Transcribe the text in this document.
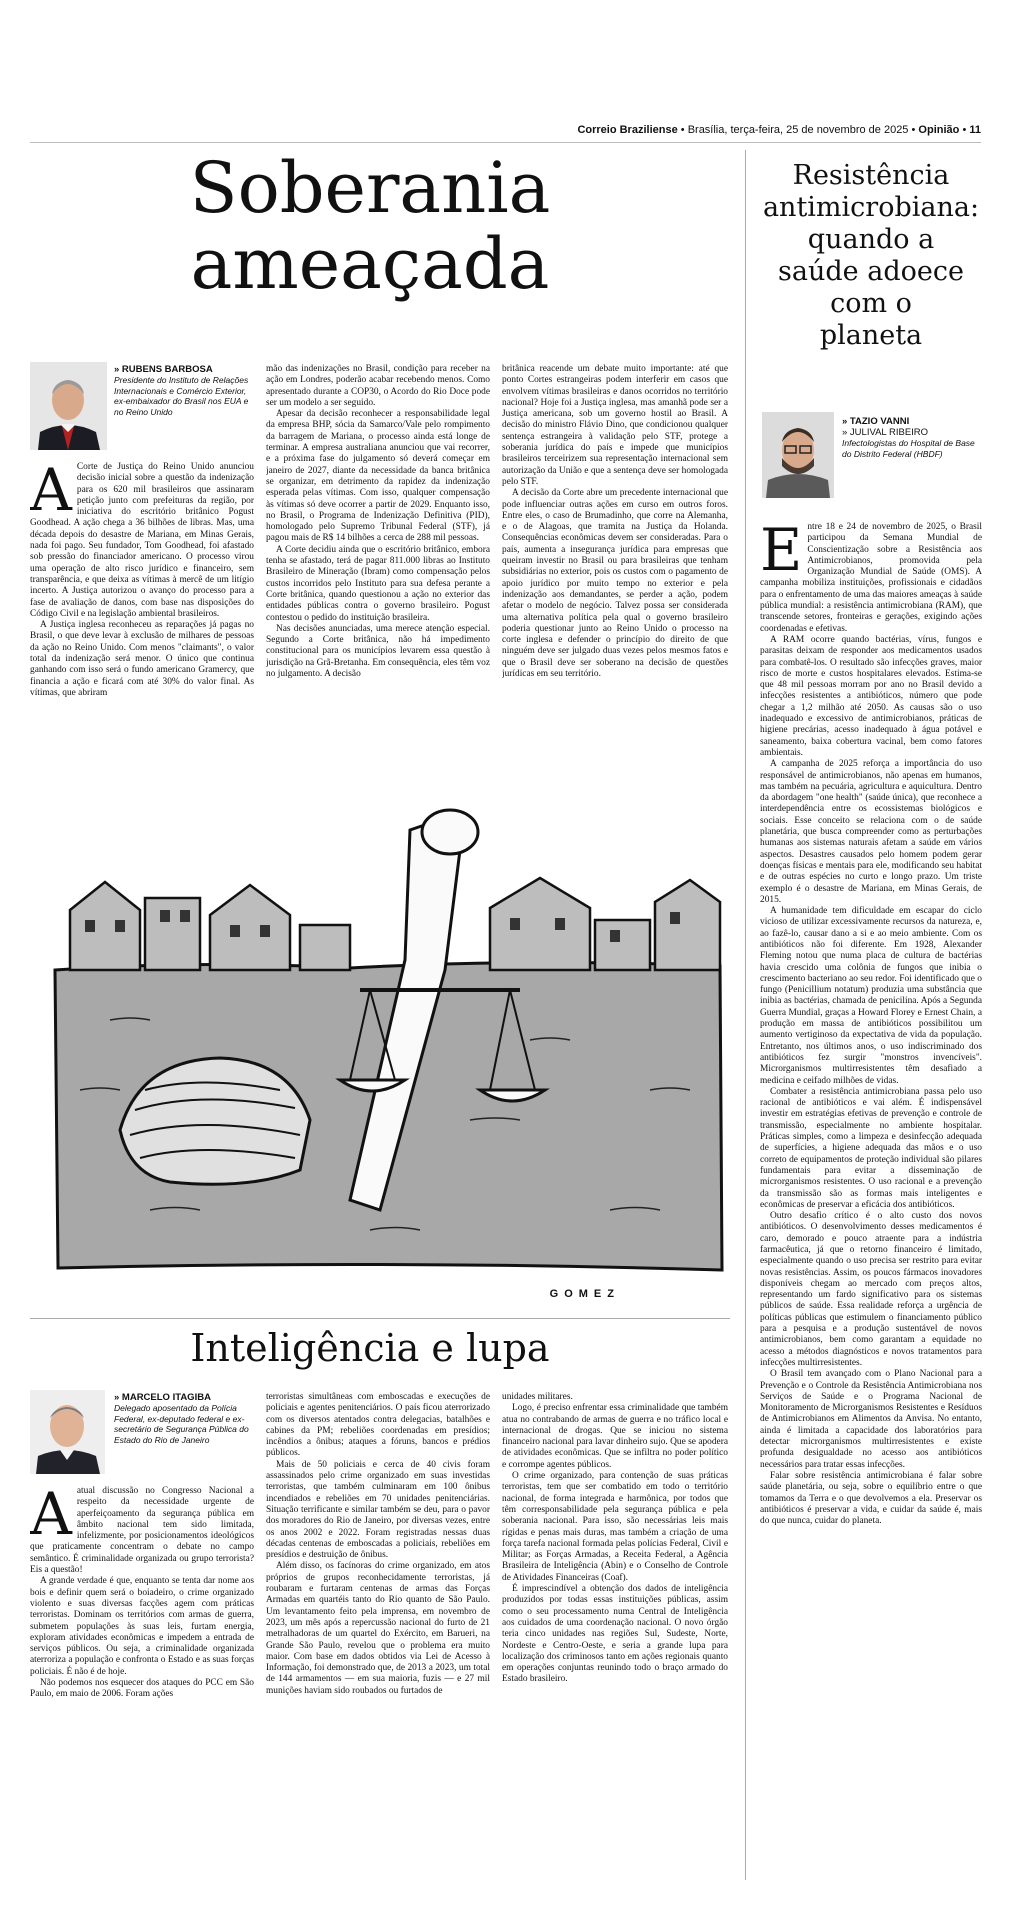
Correio Braziliense • Brasília, terça-feira, 25 de novembro de 2025 • Opinião • 11
Soberania
ameaçada
» RUBENS BARBOSA
Presidente do Instituto de Relações Internacionais e Comércio Exterior, ex-embaixador do Brasil nos EUA e no Reino Unido
A Corte de Justiça do Reino Unido anunciou decisão inicial sobre a questão da indenização para os 620 mil brasileiros que assinaram petição junto com prefeituras da região, por iniciativa do escritório britânico Pogust Goodhead. A ação chega a 36 bilhões de libras. Mas, uma década depois do desastre de Mariana, em Minas Gerais, nada foi pago. Seu fundador, Tom Goodhead, foi afastado sob pressão do financiador americano. O processo virou uma operação de alto risco jurídico e financeiro, sem transparência, e que deixa as vítimas à mercê de um litígio incerto. A Justiça autorizou o avanço do processo para a fase de avaliação de danos, com base nas disposições do Código Civil e na legislação ambiental brasileiros.

A Justiça inglesa reconheceu as reparações já pagas no Brasil, o que deve levar à exclusão de milhares de pessoas da ação no Reino Unido. Com menos "claimants", o valor total da indenização será menor. O único que continua ganhando com isso será o fundo americano Gramercy, que financia a ação e ficará com até 30% do valor final. As vítimas, que abriram

mão das indenizações no Brasil, condição para receber na ação em Londres, poderão acabar recebendo menos. Como apresentado durante a COP30, o Acordo do Rio Doce pode ser um modelo a ser seguido.

Apesar da decisão reconhecer a responsabilidade legal da empresa BHP, sócia da Samarco/Vale pelo rompimento da barragem de Mariana, o processo ainda está longe de terminar. A empresa australiana anunciou que vai recorrer, e a próxima fase do julgamento só deverá começar em janeiro de 2027, diante da necessidade da banca britânica se organizar, em detrimento da rapidez da indenização esperada pelas vítimas. Com isso, qualquer compensação às vítimas só deve ocorrer a partir de 2029. Enquanto isso, no Brasil, o Programa de Indenização Definitiva (PID), homologado pelo Supremo Tribunal Federal (STF), já pagou mais de R$ 14 bilhões a cerca de 288 mil pessoas.

A Corte decidiu ainda que o escritório britânico, embora tenha se afastado, terá de pagar 811.000 libras ao Instituto Brasileiro de Mineração (Ibram) como compensação pelos custos incorridos pelo Instituto para sua defesa perante a Corte britânica, quando questionou a ação no exterior das entidades públicas contra o governo brasileiro. Pogust contestou o pedido do instituição brasileira.

Nas decisões anunciadas, uma merece atenção especial. Segundo a Corte britânica, não há impedimento constitucional para os municípios levarem essa questão à jurisdição na Grã-Bretanha. Em consequência, eles têm voz no julgamento. A decisão

britânica reacende um debate muito importante: até que ponto Cortes estrangeiras podem interferir em casos que envolvem vítimas brasileiras e danos ocorridos no território nacional? Hoje foi a Justiça inglesa, mas amanhã pode ser a Justiça americana, sob um governo hostil ao Brasil. A decisão do ministro Flávio Dino, que condicionou qualquer sentença estrangeira à validação pelo STF, protege a soberania jurídica do país e impede que municípios brasileiros terceirizem sua representação internacional sem autorização da União e que a sentença deve ser homologada pelo STF.

A decisão da Corte abre um precedente internacional que pode influenciar outras ações em curso em outros foros. Entre eles, o caso de Brumadinho, que corre na Alemanha, e o de Alagoas, que tramita na Justiça da Holanda. Consequências econômicas devem ser consideradas. Para o país, aumenta a insegurança jurídica para empresas que queiram investir no Brasil ou para brasileiras que tenham subsidiárias no exterior, pois os custos com o pagamento de apoio jurídico por muito tempo no exterior e pela indenização aos demandantes, se perder a ação, podem afetar o modelo de negócio. Talvez possa ser considerada uma alternativa política pela qual o governo brasileiro poderia questionar junto ao Reino Unido o processo na corte inglesa e defender o princípio do direito de que ninguém deve ser julgado duas vezes pelos mesmos fatos e que o Brasil deve ser soberano na decisão de questões jurídicas em seu território.

GOMEZ
Inteligência e lupa
» MARCELO ITAGIBA
Delegado aposentado da Polícia Federal, ex-deputado federal e ex-secretário de Segurança Pública do Estado do Rio de Janeiro
A atual discussão no Congresso Nacional a respeito da necessidade urgente de aperfeiçoamento da segurança pública em âmbito nacional tem sido limitada, infelizmente, por posicionamentos ideológicos que praticamente concentram o debate no campo semântico. É criminalidade organizada ou grupo terrorista? Eis a questão!

A grande verdade é que, enquanto se tenta dar nome aos bois e definir quem será o boiadeiro, o crime organizado violento e suas diversas facções agem com práticas terroristas. Dominam os territórios com armas de guerra, submetem populações às suas leis, furtam energia, exploram atividades econômicas e impedem a entrada de serviços públicos. Ou seja, a criminalidade organizada aterroriza a população e confronta o Estado e as suas forças policiais. É não é de hoje.

Não podemos nos esquecer dos ataques do PCC em São Paulo, em maio de 2006. Foram ações

terroristas simultâneas com emboscadas e execuções de policiais e agentes penitenciários. O país ficou aterrorizado com os diversos atentados contra delegacias, batalhões e cabines da PM; rebeliões coordenadas em presídios; incêndios a ônibus; ataques a fóruns, bancos e prédios públicos.

Mais de 50 policiais e cerca de 40 civis foram assassinados pelo crime organizado em suas investidas terroristas, que também culminaram em 100 ônibus incendiados e rebeliões em 70 unidades penitenciárias. Situação terrificante e similar também se deu, para o pavor dos moradores do Rio de Janeiro, por diversas vezes, entre os anos 2002 e 2022. Foram registradas nessas duas décadas centenas de emboscadas a policiais, rebeliões em presídios e destruição de ônibus.

Além disso, os facínoras do crime organizado, em atos próprios de grupos reconhecidamente terroristas, já roubaram e furtaram centenas de armas das Forças Armadas em quartéis tanto do Rio quanto de São Paulo. Um levantamento feito pela imprensa, em novembro de 2023, um mês após a repercussão nacional do furto de 21 metralhadoras de um quartel do Exército, em Barueri, na Grande São Paulo, revelou que o problema era muito maior. Com base em dados obtidos via Lei de Acesso à Informação, foi demonstrado que, de 2013 a 2023, um total de 144 armamentos — em sua maioria, fuzis — e 27 mil munições haviam sido roubados ou furtados de

unidades militares.

Logo, é preciso enfrentar essa criminalidade que também atua no contrabando de armas de guerra e no tráfico local e internacional de drogas. Que se iniciou no sistema financeiro nacional para lavar dinheiro sujo. Que se apodera de atividades econômicas. Que se infiltra no poder político e corrompe agentes públicos.

O crime organizado, para contenção de suas práticas terroristas, tem que ser combatido em todo o território nacional, de forma integrada e harmônica, por todos que têm corresponsabilidade pela segurança pública e pela soberania nacional. Para isso, são necessárias leis mais rígidas e penas mais duras, mas também a criação de uma força tarefa nacional formada pelas polícias Federal, Civil e Militar; as Forças Armadas, a Receita Federal, a Agência Brasileira de Inteligência (Abin) e o Conselho de Controle de Atividades Financeiras (Coaf).

É imprescindível a obtenção dos dados de inteligência produzidos por todas essas instituições públicas, assim como o seu processamento numa Central de Inteligência aos cuidados de uma coordenação nacional. O novo órgão teria cinco unidades nas regiões Sul, Sudeste, Norte, Nordeste e Centro-Oeste, e seria a grande lupa para localização dos criminosos tanto em ações regionais quanto em operações conjuntas reunindo todo o braço armado do Estado brasileiro.

Resistência
antimicrobiana:
quando a
saúde adoece
com o
planeta
» TAZIO VANNI
» JULIVAL RIBEIRO
Infectologistas do Hospital de Base do Distrito Federal (HBDF)
E ntre 18 e 24 de novembro de 2025, o Brasil participou da Semana Mundial de Conscientização sobre a Resistência aos Antimicrobianos, promovida pela Organização Mundial de Saúde (OMS). A campanha mobiliza instituições, profissionais e cidadãos para o enfrentamento de uma das maiores ameaças à saúde pública mundial: a resistência antimicrobiana (RAM), que transcende setores, fronteiras e gerações, exigindo ações coordenadas e efetivas.

A RAM ocorre quando bactérias, vírus, fungos e parasitas deixam de responder aos medicamentos usados para combatê-los. O resultado são infecções graves, maior risco de morte e custos hospitalares elevados. Estima-se que 48 mil pessoas morram por ano no Brasil devido a infecções resistentes a antibióticos, número que pode chegar a 1,2 milhão até 2050. As causas são o uso inadequado e excessivo de antimicrobianos, práticas de higiene precárias, acesso inadequado à água potável e saneamento, baixa cobertura vacinal, bem como fatores ambientais.

A campanha de 2025 reforça a importância do uso responsável de antimicrobianos, não apenas em humanos, mas também na pecuária, agricultura e aquicultura. Dentro da abordagem "one health" (saúde única), que reconhece a interdependência entre os ecossistemas biológicos e sociais. Esse conceito se relaciona com o de saúde planetária, que busca compreender como as perturbações humanas aos sistemas naturais afetam a saúde em vários aspectos. Desastres causados pelo homem podem gerar doenças físicas e mentais para ele, modificando seu habitat e de outras espécies no curto e longo prazo. Um triste exemplo é o desastre de Mariana, em Minas Gerais, de 2015.

A humanidade tem dificuldade em escapar do ciclo vicioso de utilizar excessivamente recursos da natureza, e, ao fazê-lo, causar dano a si e ao meio ambiente. Com os antibióticos não foi diferente. Em 1928, Alexander Fleming notou que numa placa de cultura de bactérias havia crescido uma colônia de fungos que inibia o crescimento bacteriano ao seu redor. Foi identificado que o fungo (Penicillium notatum) produzia uma substância que inibia as bactérias, chamada de penicilina. Após a Segunda Guerra Mundial, graças a Howard Florey e Ernest Chain, a produção em massa de antibióticos possibilitou um aumento vertiginoso da expectativa de vida da população. Entretanto, nos últimos anos, o uso indiscriminado dos antibióticos fez surgir "monstros invencíveis". Microrganismos multirresistentes têm desafiado a medicina e ceifado milhões de vidas.

Combater a resistência antimicrobiana passa pelo uso racional de antibióticos e vai além. É indispensável investir em estratégias efetivas de prevenção e controle de transmissão, especialmente no ambiente hospitalar. Práticas simples, como a limpeza e desinfecção adequada de superfícies, a higiene adequada das mãos e o uso correto de equipamentos de proteção individual são pilares fundamentais para evitar a disseminação de microrganismos resistentes. O uso racional e a prevenção da transmissão são as formas mais inteligentes e econômicas de preservar a eficácia dos antibióticos.

Outro desafio crítico é o alto custo dos novos antibióticos. O desenvolvimento desses medicamentos é caro, demorado e pouco atraente para a indústria farmacêutica, já que o retorno financeiro é limitado, especialmente quando o uso precisa ser restrito para evitar novas resistências. Assim, os poucos fármacos inovadores disponíveis chegam ao mercado com preços altos, representando um fardo significativo para os sistemas públicos de saúde. Essa realidade reforça a urgência de políticas públicas que estimulem o financiamento público para a pesquisa e a produção sustentável de novos antimicrobianos, bem como garantam a equidade no acesso a métodos diagnósticos e novos tratamentos para infecções multirresistentes.

O Brasil tem avançado com o Plano Nacional para a Prevenção e o Controle da Resistência Antimicrobiana nos Serviços de Saúde e o Programa Nacional de Monitoramento de Microrganismos Resistentes e Resíduos de Antimicrobianos em Alimentos da Anvisa. No entanto, ainda é limitada a capacidade dos laboratórios para detectar microrganismos multirresistentes e existe profunda desigualdade no acesso aos antibióticos necessários para tratar essas infecções.

Falar sobre resistência antimicrobiana é falar sobre saúde planetária, ou seja, sobre o equilíbrio entre o que tomamos da Terra e o que devolvemos a ela. Preservar os antibióticos é preservar a vida, e cuidar da saúde é, mais do que nunca, cuidar do planeta.
